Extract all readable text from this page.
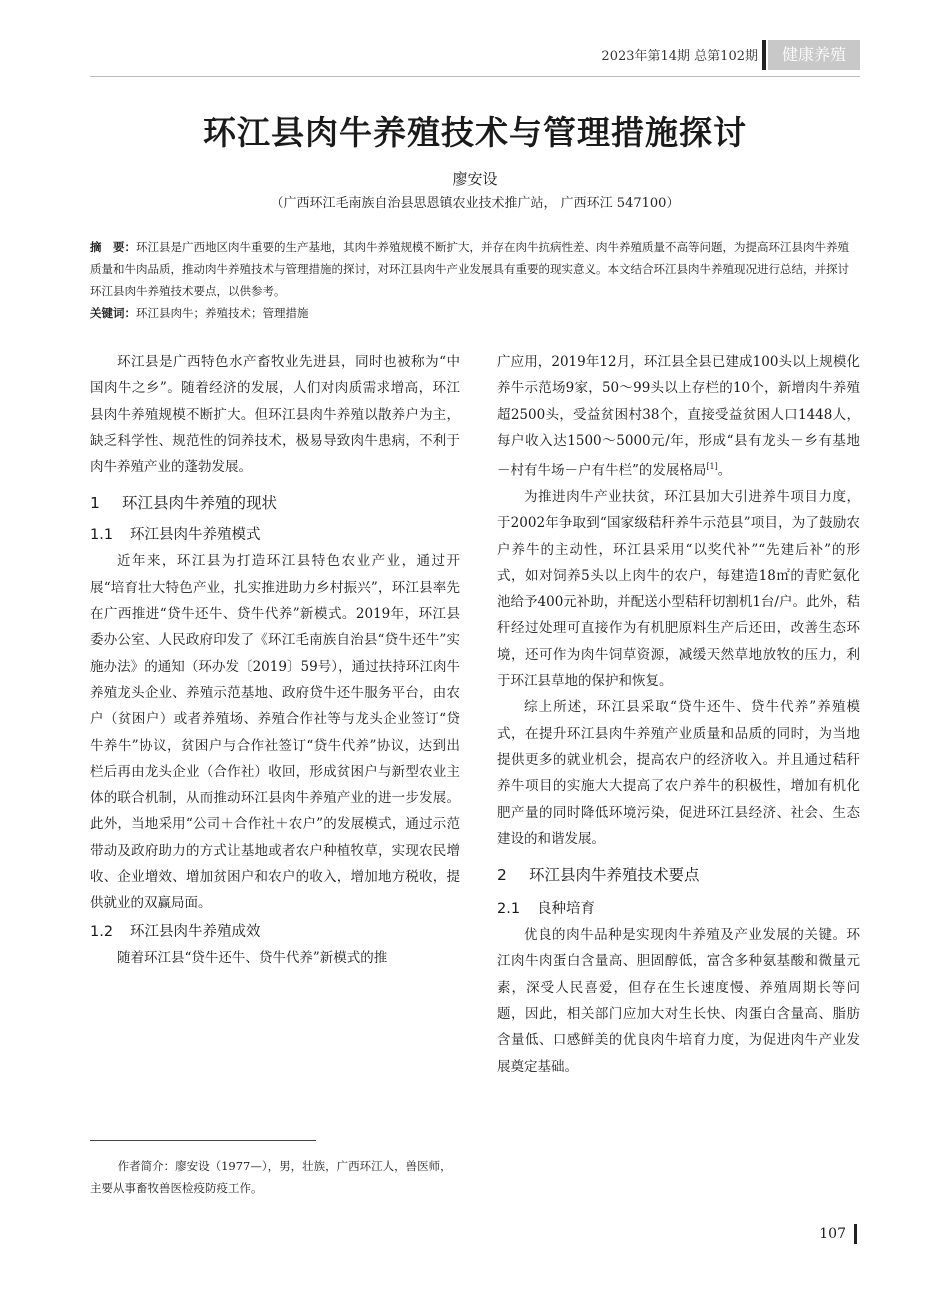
2023年第14期 总第102期	健康养殖
环江县肉牛养殖技术与管理措施探讨
廖安设
（广西环江毛南族自治县思恩镇农业技术推广站， 广西环江 547100）
摘　要：环江县是广西地区肉牛重要的生产基地，其肉牛养殖规模不断扩大，并存在肉牛抗病性差、肉牛养殖质量不高等问题，为提高环江县肉牛养殖质量和牛肉品质，推动肉牛养殖技术与管理措施的探讨，对环江县肉牛产业发展具有重要的现实意义。本文结合环江县肉牛养殖现况进行总结，并探讨环江县肉牛养殖技术要点，以供参考。
关键词：环江县肉牛；养殖技术；管理措施

环江县是广西特色水产畜牧业先进县，同时也被称为“中国肉牛之乡”。随着经济的发展，人们对肉质需求增高，环江县肉牛养殖规模不断扩大。但环江县肉牛养殖以散养户为主，缺乏科学性、规范性的饲养技术，极易导致肉牛患病，不利于肉牛养殖产业的蓬勃发展。

1 环江县肉牛养殖的现状
1.1 环江县肉牛养殖模式

近年来，环江县为打造环江县特色农业产业，通过开展“培育壮大特色产业，扎实推进助力乡村振兴”，环江县率先在广西推进“贷牛还牛、贷牛代养”新模式。2019年，环江县委办公室、人民政府印发了《环江毛南族自治县“贷牛还牛”实施办法》的通知（环办发〔2019〕59号），通过扶持环江肉牛养殖龙头企业、养殖示范基地、政府贷牛还牛服务平台，由农户（贫困户）或者养殖场、养殖合作社等与龙头企业签订“贷牛养牛”协议，贫困户与合作社签订“贷牛代养”协议，达到出栏后再由龙头企业（合作社）收回，形成贫困户与新型农业主体的联合机制，从而推动环江县肉牛养殖产业的进一步发展。此外，当地采用“公司＋合作社＋农户”的发展模式，通过示范带动及政府助力的方式让基地或者农户种植牧草，实现农民增收、企业增效、增加贫困户和农户的收入，增加地方税收，提供就业的双赢局面。

1.2 环江县肉牛养殖成效

随着环江县“贷牛还牛、贷牛代养”新模式的推

广应用，2019年12月，环江县全县已建成100头以上规模化养牛示范场9家，50～99头以上存栏的10个，新增肉牛养殖超2500头，受益贫困村38个，直接受益贫困人口1448人，每户收入达1500～5000元/年，形成“县有龙头－乡有基地－村有牛场－户有牛栏”的发展格局[1]。

为推进肉牛产业扶贫，环江县加大引进养牛项目力度，于2002年争取到“国家级秸秆养牛示范县”项目，为了鼓励农户养牛的主动性，环江县采用“以奖代补”“先建后补”的形式，如对饲养5头以上肉牛的农户，每建造18㎡的青贮氨化池给予400元补助，并配送小型秸秆切割机1台/户。此外，秸秆经过处理可直接作为有机肥原料生产后还田，改善生态环境，还可作为肉牛饲草资源，减缓天然草地放牧的压力，利于环江县草地的保护和恢复。

综上所述，环江县采取“贷牛还牛、贷牛代养”养殖模式，在提升环江县肉牛养殖产业质量和品质的同时，为当地提供更多的就业机会，提高农户的经济收入。并且通过秸秆养牛项目的实施大大提高了农户养牛的积极性，增加有机化肥产量的同时降低环境污染，促进环江县经济、社会、生态建设的和谐发展。

2 环江县肉牛养殖技术要点
2.1 良种培育

优良的肉牛品种是实现肉牛养殖及产业发展的关键。环江肉牛肉蛋白含量高、胆固醇低，富含多种氨基酸和微量元素，深受人民喜爱，但存在生长速度慢、养殖周期长等问题，因此，相关部门应加大对生长快、肉蛋白含量高、脂肪含量低、口感鲜美的优良肉牛培育力度，为促进肉牛产业发展奠定基础。

作者简介：廖安设（1977—），男，壮族，广西环江人，兽医师，主要从事畜牧兽医检疫防疫工作。
107
